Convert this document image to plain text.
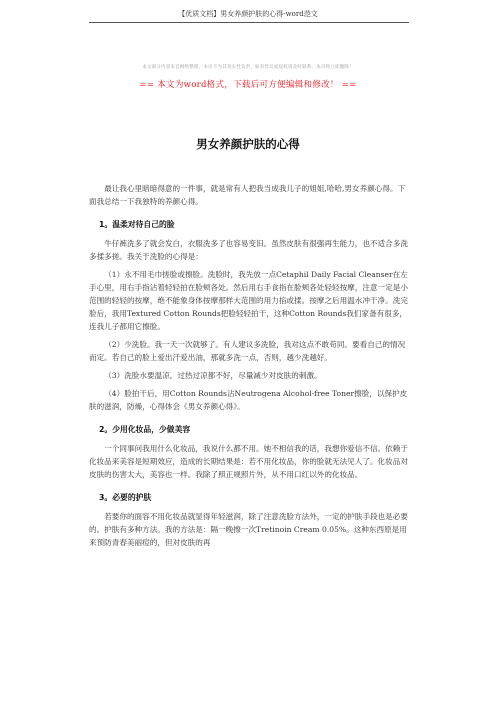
【优质文档】男女养颜护肤的心得-word范文
本文部分内容来自网络整理，本司不为其真实性负责，如有异议或侵权请及时联系，本司将立即删除！
== 本文为word格式，下载后可方便编辑和修改！ ==
男女养颜护肤的心得

最让我心里暗暗得意的一件事，就是常有人把我当成我儿子的姐姐,哈哈,男女养颜心得。下面我总结一下我独特的养颜心得。

1。温柔对待自己的脸

牛仔裤洗多了就会发白，衣服洗多了也容易变旧。虽然皮肤有很强再生能力，也不适合多洗多揉多搓。我关于洗脸的心得是：

（1）永不用毛巾搓脸或擦脸。洗脸时，我先放一点Cetaphil Daily Facial Cleanser在左手心里，用右手指沾着轻轻拍在脸颊各处。然后用右手食指在脸颊各处轻轻按摩，注意一定是小范围的轻轻的按摩，绝不能象身体按摩那样大范围的用力掐或揉。按摩之后用温水冲干净。洗完脸后，我用Textured Cotton Rounds把脸轻轻拍干，这种Cotton Rounds我们家备有很多，连我儿子都用它擦脸。

（2）少洗脸。我一天一次就够了。有人建议多洗脸，我对这点不敢苟同。要看自己的情况而定。若自己的脸上爱出汗爱出油，那就多洗一点，否则，越少洗越好。

（3）洗脸水要温凉。过热过凉都不好，尽量减少对皮肤的刺激。

（4）脸拍干后，用Cotton Rounds沾Neutrogena Alcohol-free Toner擦脸，以保护皮肤的滋润，防燥，心得体会《男女养颜心得》。

2。少用化妆品，少做美容

一个同事问我用什么化妆品，我说什么都不用。她不相信我的话，我想你爱信不信。依赖于化妆品来美容是短期效应，造成的长期结果是：若不用化妆品，你的脸就无法见人了。化妆品对皮肤的伤害太大，美容也一样。我除了照正规照片外，从不用口红以外的化妆品。

3。必要的护肤

若要你的面容不用化妆品就显得年轻滋润，除了注意洗脸方法外，一定的护肤手段也是必要的。护肤有多种方法。我的方法是：隔一晚擦一次Tretinoin Cream 0.05%。这种东西原是用来预防青春美丽痘的，但对皮肤的再
